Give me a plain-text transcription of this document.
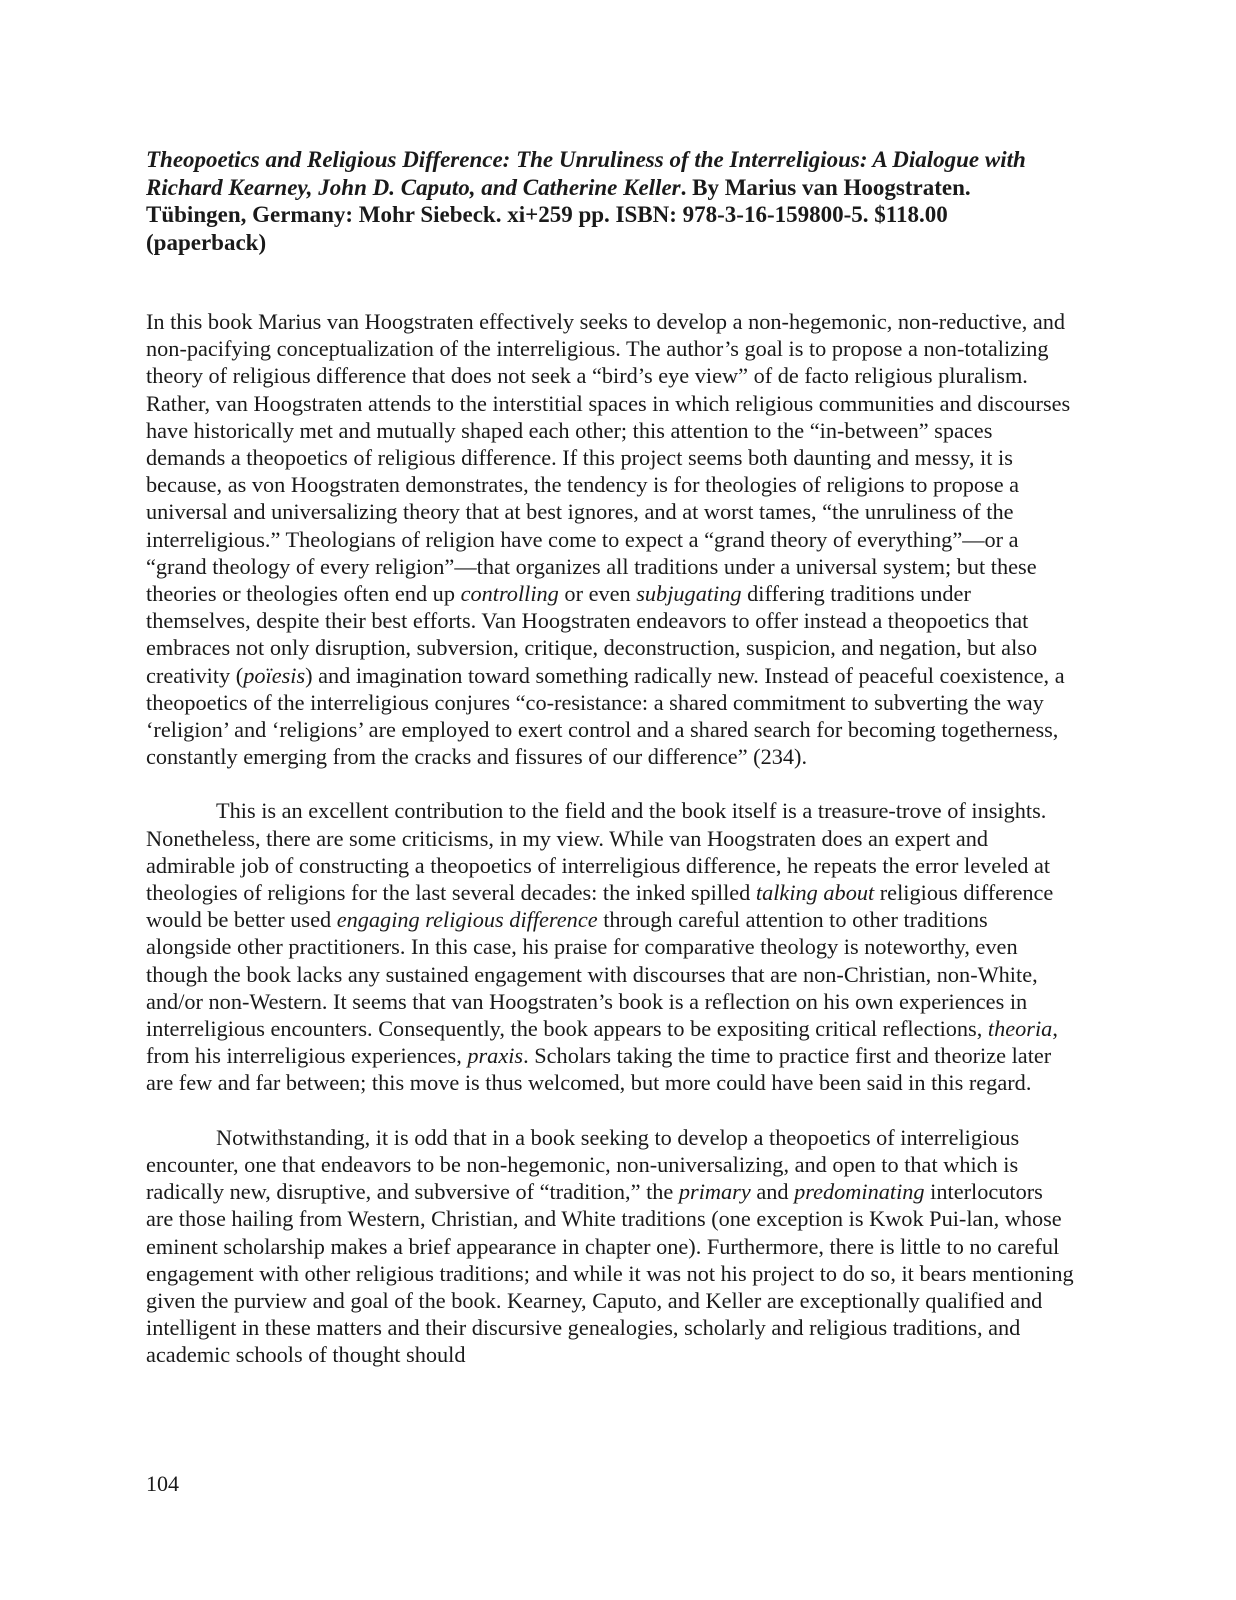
Theopoetics and Religious Difference: The Unruliness of the Interreligious: A Dialogue with Richard Kearney, John D. Caputo, and Catherine Keller. By Marius van Hoogstraten. Tübingen, Germany: Mohr Siebeck. xi+259 pp. ISBN: 978-3-16-159800-5. $118.00 (paperback)

In this book Marius van Hoogstraten effectively seeks to develop a non-hegemonic, non-reductive, and non-pacifying conceptualization of the interreligious. The author’s goal is to propose a non-totalizing theory of religious difference that does not seek a “bird’s eye view” of de facto religious pluralism. Rather, van Hoogstraten attends to the interstitial spaces in which religious communities and discourses have historically met and mutually shaped each other; this attention to the “in-between” spaces demands a theopoetics of religious difference. If this project seems both daunting and messy, it is because, as von Hoogstraten demonstrates, the tendency is for theologies of religions to propose a universal and universalizing theory that at best ignores, and at worst tames, “the unruliness of the interreligious.” Theologians of religion have come to expect a “grand theory of everything”—or a “grand theology of every religion”—that organizes all traditions under a universal system; but these theories or theologies often end up controlling or even subjugating differing traditions under themselves, despite their best efforts. Van Hoogstraten endeavors to offer instead a theopoetics that embraces not only disruption, subversion, critique, deconstruction, suspicion, and negation, but also creativity (poïesis) and imagination toward something radically new. Instead of peaceful coexistence, a theopoetics of the interreligious conjures “co-resistance: a shared commitment to subverting the way ‘religion’ and ‘religions’ are employed to exert control and a shared search for becoming togetherness, constantly emerging from the cracks and fissures of our difference” (234).

This is an excellent contribution to the field and the book itself is a treasure-trove of insights. Nonetheless, there are some criticisms, in my view. While van Hoogstraten does an expert and admirable job of constructing a theopoetics of interreligious difference, he repeats the error leveled at theologies of religions for the last several decades: the inked spilled talking about religious difference would be better used engaging religious difference through careful attention to other traditions alongside other practitioners. In this case, his praise for comparative theology is noteworthy, even though the book lacks any sustained engagement with discourses that are non-Christian, non-White, and/or non-Western. It seems that van Hoogstraten’s book is a reflection on his own experiences in interreligious encounters. Consequently, the book appears to be expositing critical reflections, theoria, from his interreligious experiences, praxis. Scholars taking the time to practice first and theorize later are few and far between; this move is thus welcomed, but more could have been said in this regard.

Notwithstanding, it is odd that in a book seeking to develop a theopoetics of interreligious encounter, one that endeavors to be non-hegemonic, non-universalizing, and open to that which is radically new, disruptive, and subversive of “tradition,” the primary and predominating interlocutors are those hailing from Western, Christian, and White traditions (one exception is Kwok Pui-lan, whose eminent scholarship makes a brief appearance in chapter one). Furthermore, there is little to no careful engagement with other religious traditions; and while it was not his project to do so, it bears mentioning given the purview and goal of the book. Kearney, Caputo, and Keller are exceptionally qualified and intelligent in these matters and their discursive genealogies, scholarly and religious traditions, and academic schools of thought should

104
